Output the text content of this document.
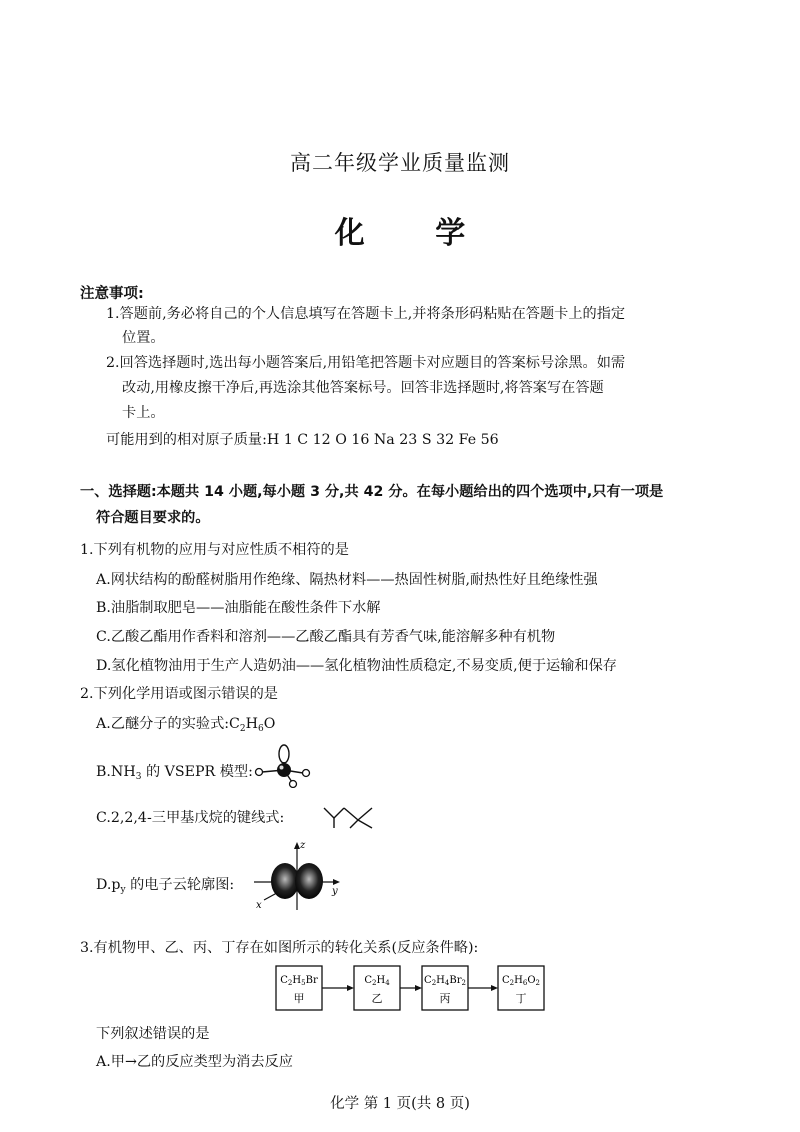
高二年级学业质量监测
化 学
注意事项:
1.答题前,务必将自己的个人信息填写在答题卡上,并将条形码粘贴在答题卡上的指定
位置。
2.回答选择题时,选出每小题答案后,用铅笔把答题卡对应题目的答案标号涂黑。如需
改动,用橡皮擦干净后,再选涂其他答案标号。回答非选择题时,将答案写在答题
卡上。
可能用到的相对原子质量:H 1 C 12 O 16 Na 23 S 32 Fe 56
一、选择题:本题共 14 小题,每小题 3 分,共 42 分。在每小题给出的四个选项中,只有一项是
符合题目要求的。
1.下列有机物的应用与对应性质不相符的是
A.网状结构的酚醛树脂用作绝缘、隔热材料——热固性树脂,耐热性好且绝缘性强
B.油脂制取肥皂——油脂能在酸性条件下水解
C.乙酸乙酯用作香料和溶剂——乙酸乙酯具有芳香气味,能溶解多种有机物
D.氢化植物油用于生产人造奶油——氢化植物油性质稳定,不易变质,便于运输和保存
2.下列化学用语或图示错误的是
A.乙醚分子的实验式$:C_2H_6O$
$B.NH_3$ 的 VSEPR 模型:
C.2,2,4-三甲基戊烷的键线式:
$D.p_y$ 的电子云轮廓图:
z
y
x
3.有机物甲、乙、丙、丁存在如图所示的转化关系(反应条件略):
$C_2H_5Br$
甲
$C_2H_4$
乙
$C_2H_4Br_2$
丙
$C_2H_6O_2$
丁
下列叙述错误的是
A.甲→乙的反应类型为消去反应
化学 第 1 页(共 8 页)
